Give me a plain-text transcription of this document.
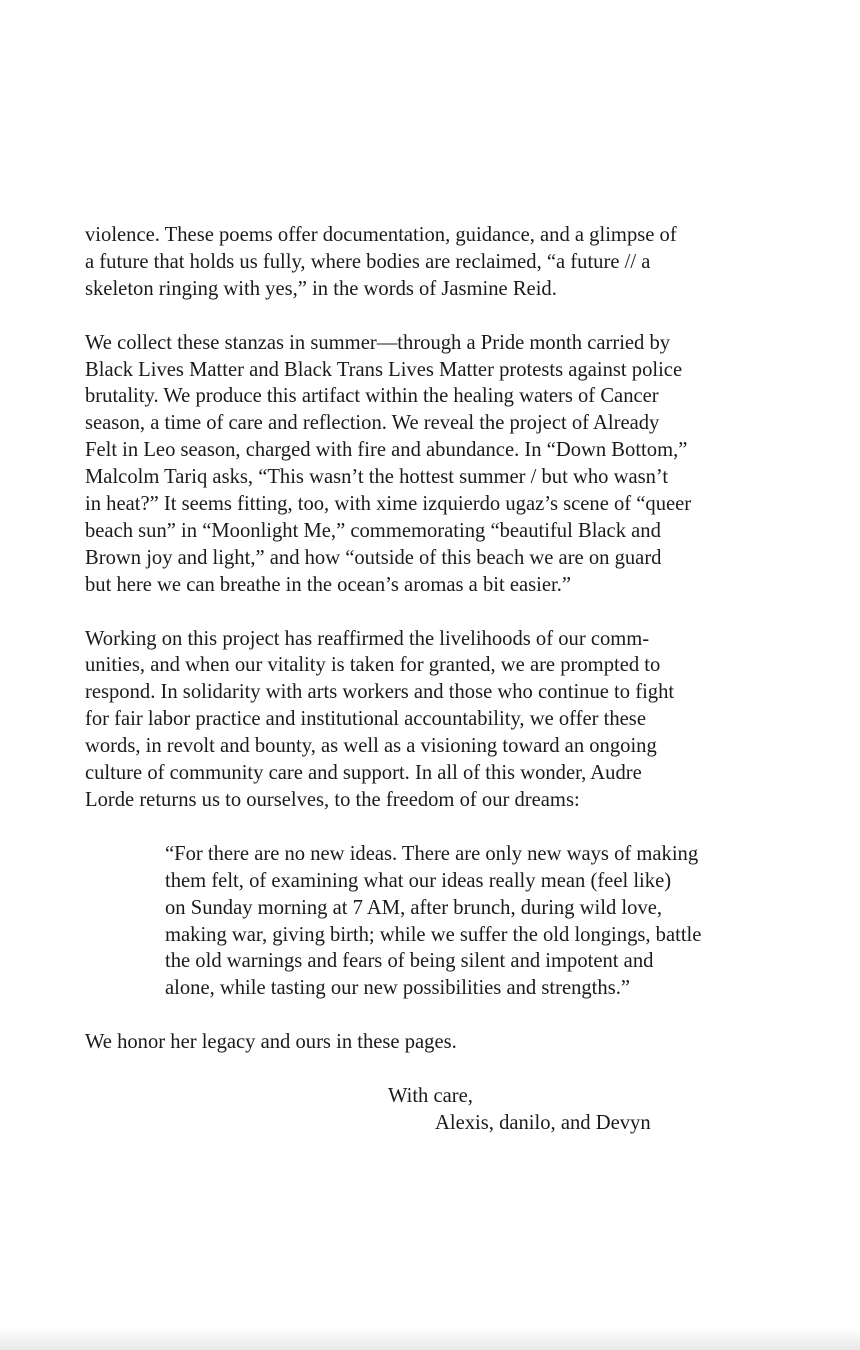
violence. These poems offer documentation, guidance, and a glimpse of
a future that holds us fully, where bodies are reclaimed, “a future // a
skeleton ringing with yes,” in the words of Jasmine Reid.

We collect these stanzas in summer—through a Pride month carried by
Black Lives Matter and Black Trans Lives Matter protests against police
brutality. We produce this artifact within the healing waters of Cancer
season, a time of care and reflection. We reveal the project of Already
Felt in Leo season, charged with fire and abundance. In “Down Bottom,”
Malcolm Tariq asks, “This wasn’t the hottest summer / but who wasn’t
in heat?” It seems fitting, too, with xime izquierdo ugaz’s scene of “queer
beach sun” in “Moonlight Me,” commemorating “beautiful Black and
Brown joy and light,” and how “outside of this beach we are on guard
but here we can breathe in the ocean’s aromas a bit easier.”

Working on this project has reaffirmed the livelihoods of our comm-
unities, and when our vitality is taken for granted, we are prompted to
respond. In solidarity with arts workers and those who continue to fight
for fair labor practice and institutional accountability, we offer these
words, in revolt and bounty, as well as a visioning toward an ongoing
culture of community care and support. In all of this wonder, Audre
Lorde returns us to ourselves, to the freedom of our dreams:

“For there are no new ideas. There are only new ways of making
them felt, of examining what our ideas really mean (feel like)
on Sunday morning at 7 AM, after brunch, during wild love,
making war, giving birth; while we suffer the old longings, battle
the old warnings and fears of being silent and impotent and
alone, while tasting our new possibilities and strengths.”

We honor her legacy and ours in these pages.

With care,
Alexis, danilo, and Devyn
